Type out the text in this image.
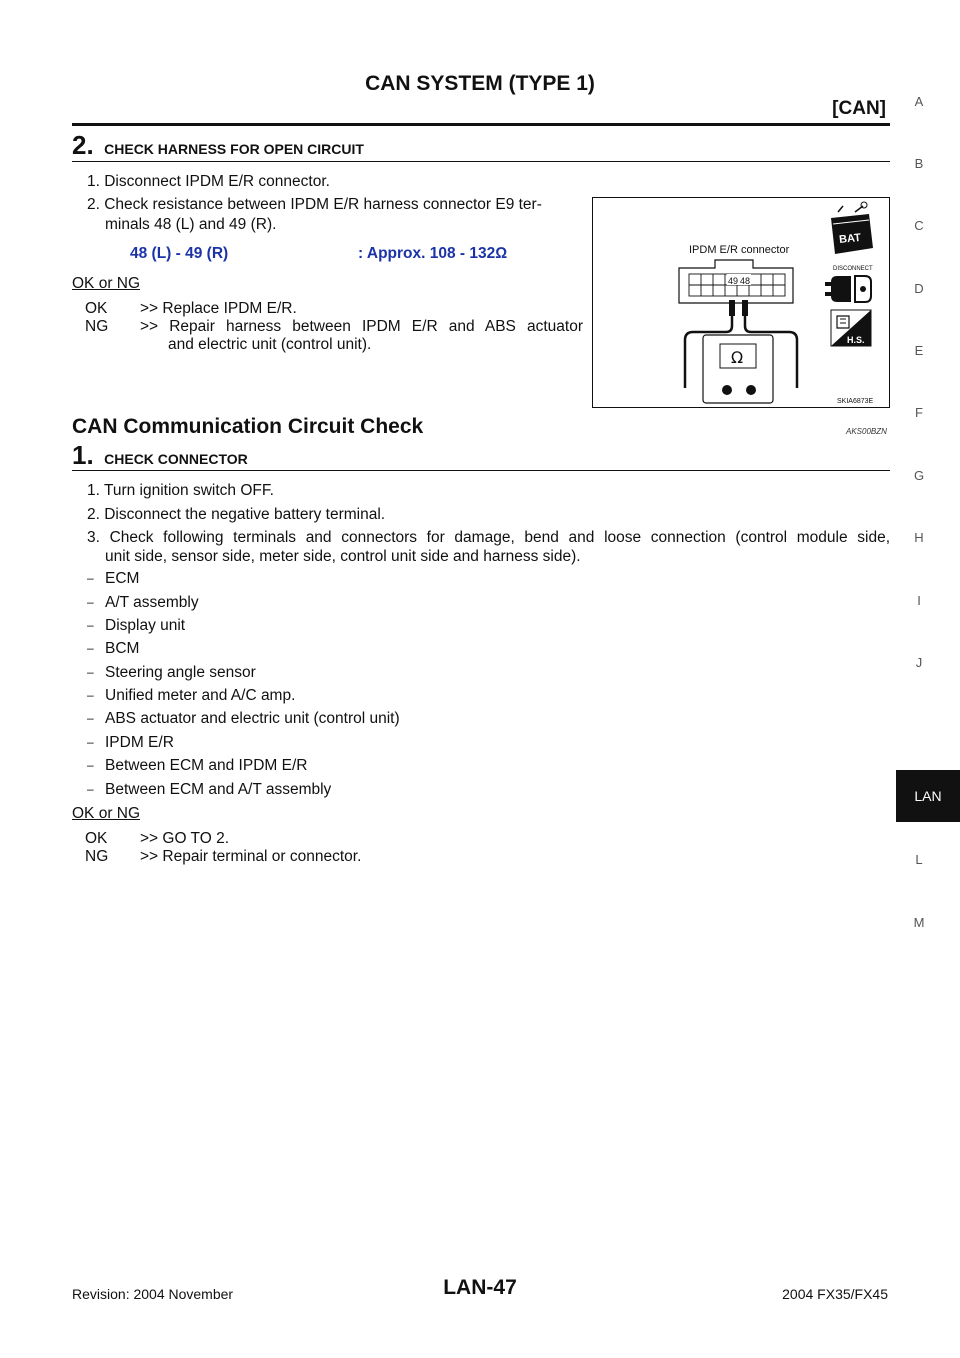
CAN SYSTEM (TYPE 1)
[CAN]
2. CHECK HARNESS FOR OPEN CIRCUIT
1. Disconnect IPDM E/R connector.
2. Check resistance between IPDM E/R harness connector E9 ter-
minals 48 (L) and 49 (R).
48 (L) - 49 (R)	: Approx. 108 - 132Ω
OK or NG
OK >> Replace IPDM E/R.
NG >> Repair harness between IPDM E/R and ABS actuator
and electric unit (control unit).
IPDM E/R connector
49 48
Ω
BAT
DISCONNECT
H.S.
SKIA6873E
CAN Communication Circuit Check	AKS00BZN
1. CHECK CONNECTOR
1. Turn ignition switch OFF.
2. Disconnect the negative battery terminal.
3. Check following terminals and connectors for damage, bend and loose connection (control module side,
unit side, sensor side, meter side, control unit side and harness side).
– ECM
– A/T assembly
– Display unit
– BCM
– Steering angle sensor
– Unified meter and A/C amp.
– ABS actuator and electric unit (control unit)
– IPDM E/R
– Between ECM and IPDM E/R
– Between ECM and A/T assembly
OK or NG
OK >> GO TO 2.
NG >> Repair terminal or connector.
A
B
C
D
E
F
G
H
I
J
LAN
L
M
Revision: 2004 November	LAN-47	2004 FX35/FX45
